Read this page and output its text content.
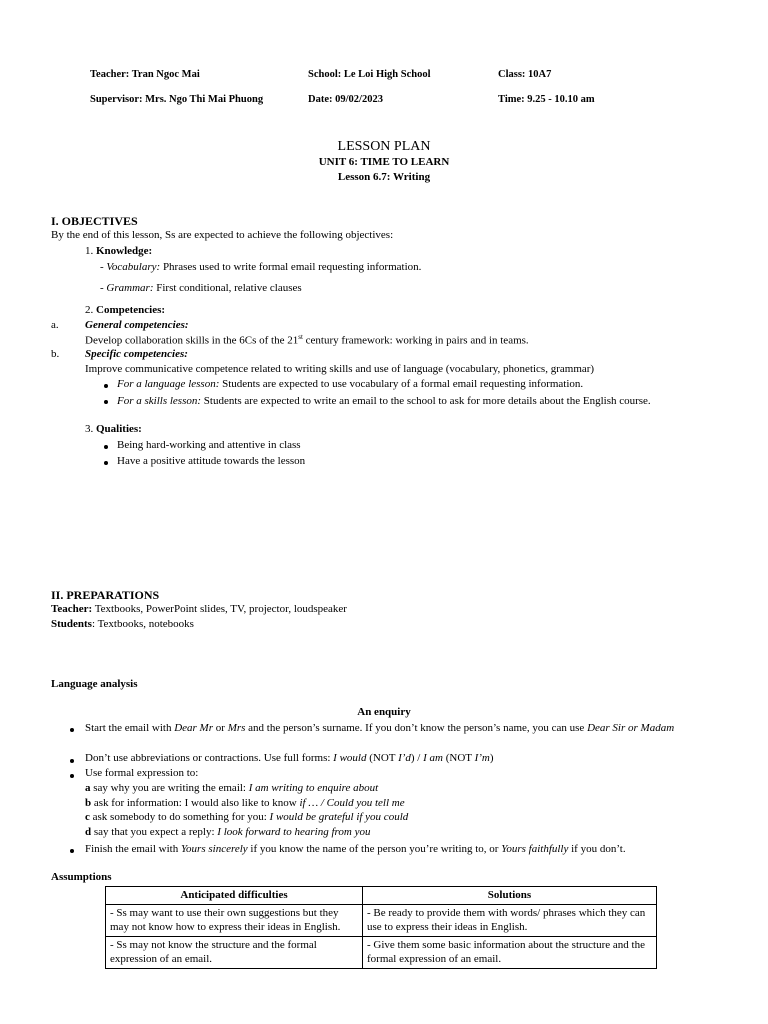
Teacher: Tran Ngoc Mai	School: Le Loi High School	Class: 10A7
Supervisor: Mrs. Ngo Thi Mai Phuong	Date: 09/02/2023	Time: 9.25 - 10.10 am
LESSON PLAN
UNIT 6: TIME TO LEARN
Lesson 6.7: Writing
I. OBJECTIVES
By the end of this lesson, Ss are expected to achieve the following objectives:
1. Knowledge:
- Vocabulary: Phrases used to write formal email requesting information.
- Grammar: First conditional, relative clauses
2. Competencies:
a. General competencies:
Develop collaboration skills in the 6Cs of the 21st century framework: working in pairs and in teams.
b. Specific competencies:
Improve communicative competence related to writing skills and use of language (vocabulary, phonetics, grammar)
For a language lesson: Students are expected to use vocabulary of a formal email requesting information.
For a skills lesson: Students are expected to write an email to the school to ask for more details about the English course.
3. Qualities:
Being hard-working and attentive in class
Have a positive attitude towards the lesson
II. PREPARATIONS
Teacher: Textbooks, PowerPoint slides, TV, projector, loudspeaker
Students: Textbooks, notebooks
Language analysis
An enquiry
Start the email with Dear Mr or Mrs and the person’s surname. If you don’t know the person’s name, you can use Dear Sir or Madam
Don’t use abbreviations or contractions. Use full forms: I would (NOT I’d) / I am (NOT I’m)
Use formal expression to:
a say why you are writing the email: I am writing to enquire about
b ask for information: I would also like to know if … / Could you tell me
c ask somebody to do something for you: I would be grateful if you could
d say that you expect a reply: I look forward to hearing from you
Finish the email with Yours sincerely if you know the name of the person you’re writing to, or Yours faithfully if you don’t.
Assumptions
Anticipated difficulties	Solutions
- Ss may want to use their own suggestions but they may not know how to express their ideas in English.	- Be ready to provide them with words/ phrases which they can use to express their ideas in English.
- Ss may not know the structure and the formal expression of an email.	- Give them some basic information about the structure and the formal expression of an email.
